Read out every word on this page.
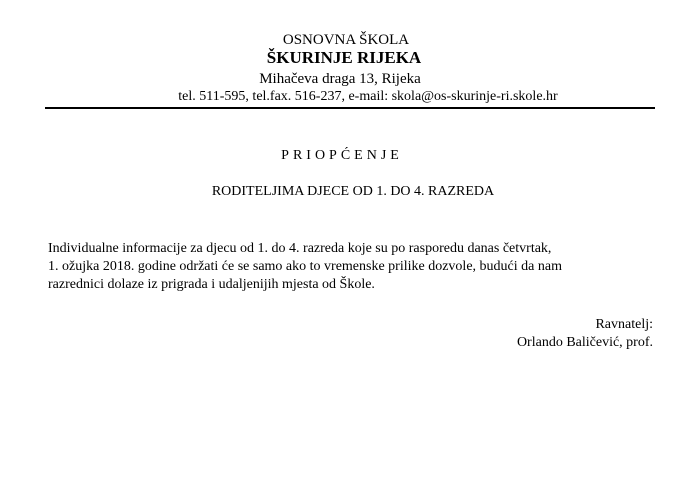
OSNOVNA ŠKOLA
ŠKURINJE RIJEKA
Mihačeva draga 13, Rijeka
tel. 511-595, tel.fax. 516-237, e-mail: skola@os-skurinje-ri.skole.hr
PRIOPĆENJE
RODITELJIMA DJECE OD 1. DO 4. RAZREDA
Individualne informacije za djecu od 1. do 4. razreda koje su po rasporedu danas četvrtak,
1. ožujka 2018. godine održati će se samo ako to vremenske prilike dozvole, budući da nam
razrednici dolaze iz prigrada i udaljenijih mjesta od Škole.
Ravnatelj:
Orlando Baličević, prof.
